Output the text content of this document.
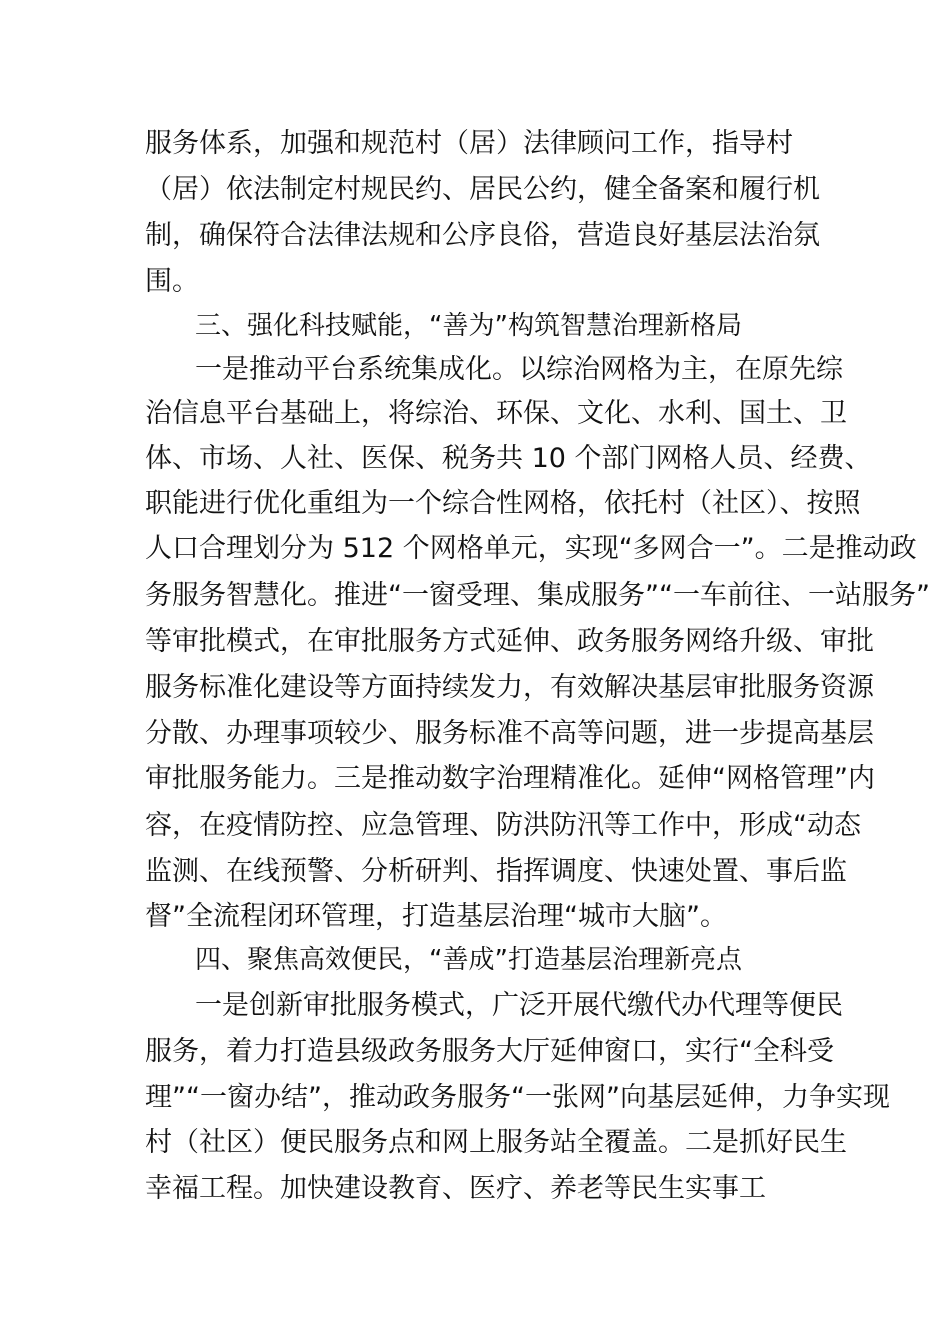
服务体系，加强和规范村（居）法律顾问工作，指导村
（居）依法制定村规民约、居民公约，健全备案和履行机
制，确保符合法律法规和公序良俗，营造良好基层法治氛
围。
三、强化科技赋能，“善为”构筑智慧治理新格局
一是推动平台系统集成化。以综治网格为主，在原先综
治信息平台基础上，将综治、环保、文化、水利、国土、卫
体、市场、人社、医保、税务共 10 个部门网格人员、经费、
职能进行优化重组为一个综合性网格，依托村（社区）、按照
人口合理划分为 512 个网格单元，实现“多网合一”。二是推动政
务服务智慧化。推进“一窗受理、集成服务”“一车前往、一站服务”
等审批模式，在审批服务方式延伸、政务服务网络升级、审批
服务标准化建设等方面持续发力，有效解决基层审批服务资源
分散、办理事项较少、服务标准不高等问题，进一步提高基层
审批服务能力。三是推动数字治理精准化。延伸“网格管理”内
容，在疫情防控、应急管理、防洪防汛等工作中，形成“动态
监测、在线预警、分析研判、指挥调度、快速处置、事后监
督”全流程闭环管理，打造基层治理“城市大脑”。
四、聚焦高效便民，“善成”打造基层治理新亮点
一是创新审批服务模式，广泛开展代缴代办代理等便民
服务，着力打造县级政务服务大厅延伸窗口，实行“全科受
理”“一窗办结”，推动政务服务“一张网”向基层延伸，力争实现
村（社区）便民服务点和网上服务站全覆盖。二是抓好民生
幸福工程。加快建设教育、医疗、养老等民生实事工
